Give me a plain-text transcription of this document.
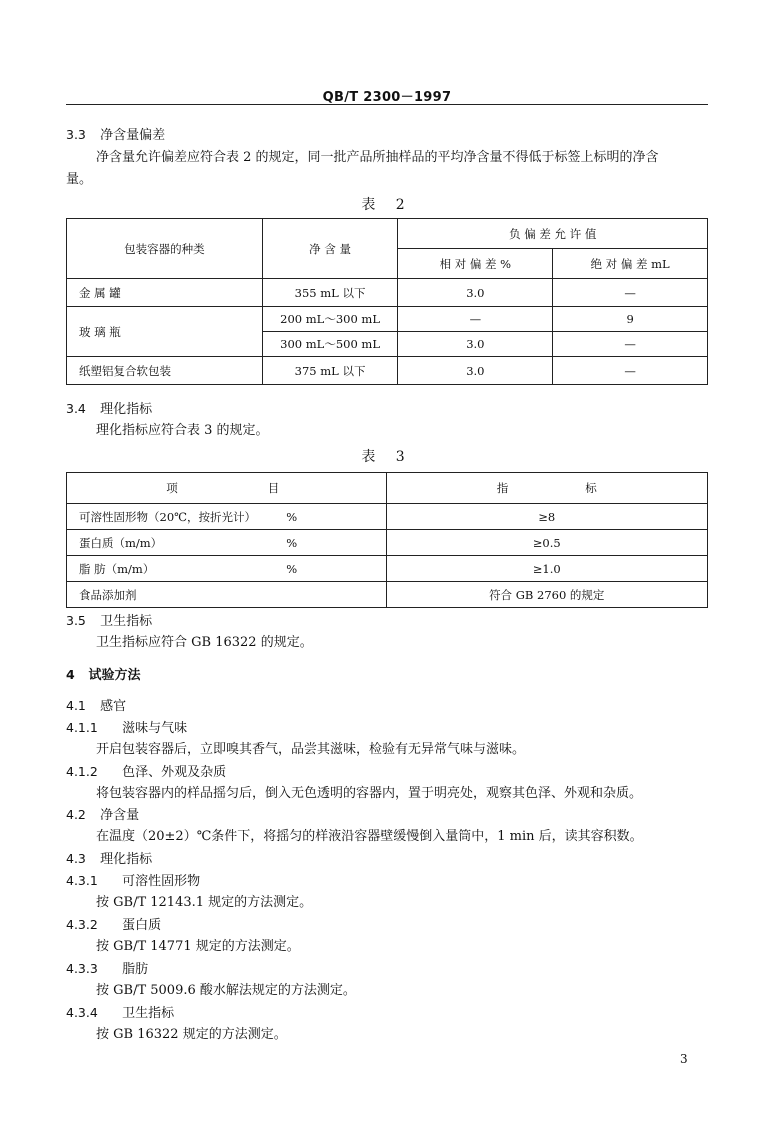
QB/T 2300－1997
3.3 净含量偏差
净含量允许偏差应符合表 2 的规定，同一批产品所抽样品的平均净含量不得低于标签上标明的净含
量。
表 2
包装容器的种类	净 含 量	负 偏 差 允 许 值	
		相 对 偏 差 %	绝 对 偏 差 mL
金 属 罐	355 mL 以下	3.0	—
玻 璃 瓶	200 mL～300 mL	—	9
	300 mL～500 mL	3.0	—
纸塑铝复合软包装	375 mL 以下	3.0	—
3.4 理化指标
理化指标应符合表 3 的规定。
表 3
项 目		指 标
可溶性固形物（20℃，按折光计）	%	≥8
蛋白质（m/m）	%	≥0.5
脂 肪（m/m）	%	≥1.0
食品添加剂		符合 GB 2760 的规定
3.5 卫生指标
卫生指标应符合 GB 16322 的规定。
4 试验方法
4.1 感官
4.1.1 滋味与气味
开启包装容器后，立即嗅其香气，品尝其滋味，检验有无异常气味与滋味。
4.1.2 色泽、外观及杂质
将包装容器内的样品摇匀后，倒入无色透明的容器内，置于明亮处，观察其色泽、外观和杂质。
4.2 净含量
在温度（20±2）℃条件下，将摇匀的样液沿容器壁缓慢倒入量筒中，1 min 后，读其容积数。
4.3 理化指标
4.3.1 可溶性固形物
按 GB/T 12143.1 规定的方法测定。
4.3.2 蛋白质
按 GB/T 14771 规定的方法测定。
4.3.3 脂肪
按 GB/T 5009.6 酸水解法规定的方法测定。
4.3.4 卫生指标
按 GB 16322 规定的方法测定。
3
